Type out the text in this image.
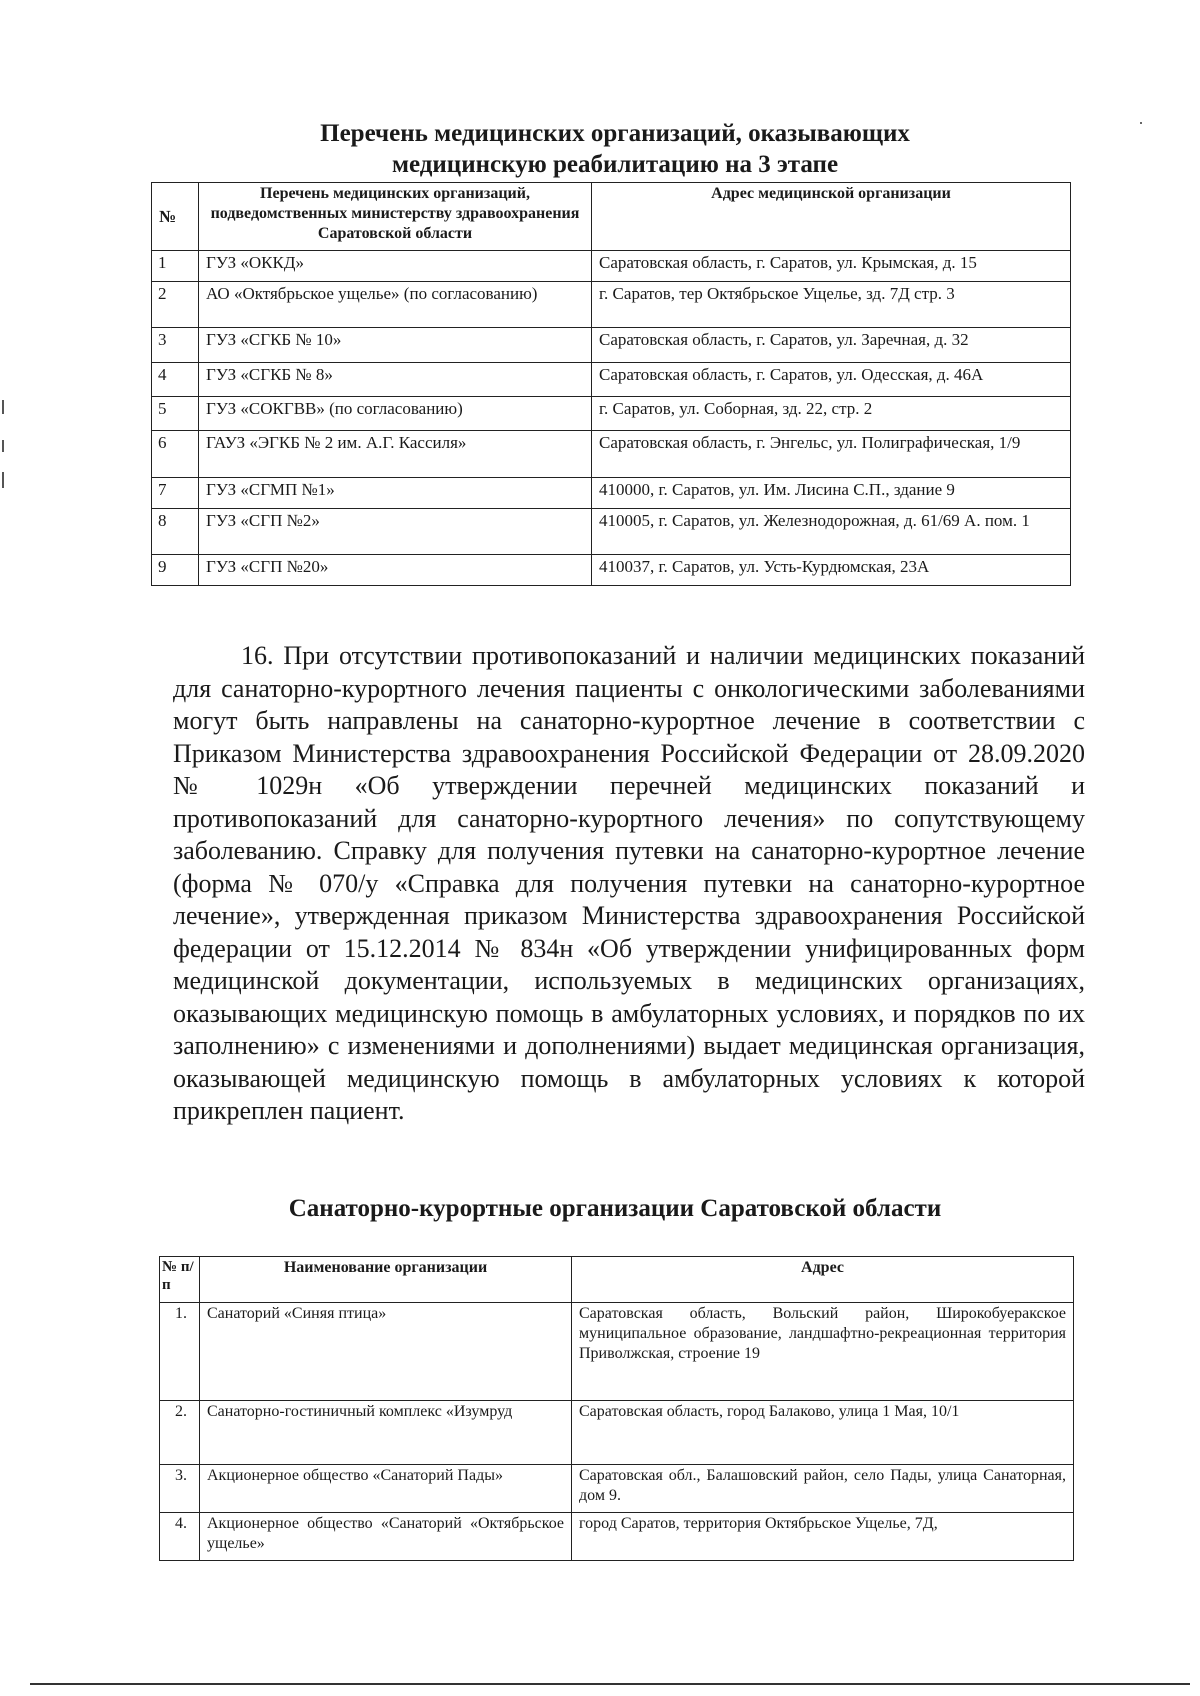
Перечень медицинских организаций, оказывающих
медицинскую реабилитацию на 3 этапе
№	Перечень медицинских организаций, подведомственных министерству здравоохранения Саратовской области	Адрес медицинской организации
1	ГУЗ «ОККД»	Саратовская область, г. Саратов, ул. Крымская, д. 15
2	АО «Октябрьское ущелье» (по согласованию)	г. Саратов, тер Октябрьское Ущелье, зд. 7Д стр. 3
3	ГУЗ «СГКБ № 10»	Саратовская область, г. Саратов, ул. Заречная, д. 32
4	ГУЗ «СГКБ № 8»	Саратовская область, г. Саратов, ул. Одесская, д. 46А
5	ГУЗ «СОКГВВ» (по согласованию)	г. Саратов, ул. Соборная, зд. 22, стр. 2
6	ГАУЗ «ЭГКБ № 2 им. А.Г. Кассиля»	Саратовская область, г. Энгельс, ул. Полиграфическая, 1/9
7	ГУЗ «СГМП №1»	410000, г. Саратов, ул. Им. Лисина С.П., здание 9
8	ГУЗ «СГП №2»	410005, г. Саратов, ул. Железнодорожная, д. 61/69 А. пом. 1
9	ГУЗ «СГП №20»	410037, г. Саратов, ул. Усть-Курдюмская, 23А
16. При отсутствии противопоказаний и наличии медицинских показаний для санаторно-курортного лечения пациенты с онкологическими заболеваниями могут быть направлены на санаторно-курортное лечение в соответствии с Приказом Министерства здравоохранения Российской Федерации от 28.09.2020 № 1029н «Об утверждении перечней медицинских показаний и противопоказаний для санаторно-курортного лечения» по сопутствующему заболеванию. Справку для получения путевки на санаторно-курортное лечение (форма № 070/у «Справка для получения путевки на санаторно-курортное лечение», утвержденная приказом Министерства здравоохранения Российской федерации от 15.12.2014 № 834н «Об утверждении унифицированных форм медицинской документации, используемых в медицинских организациях, оказывающих медицинскую помощь в амбулаторных условиях, и порядков по их заполнению» с изменениями и дополнениями) выдает медицинская организация, оказывающей медицинскую помощь в амбулаторных условиях к которой прикреплен пациент.
Санаторно-курортные организации Саратовской области
№ п/п	Наименование организации	Адрес
1.	Санаторий «Синяя птица»	Саратовская область, Вольский район, Широкобуеракское муниципальное образование, ландшафтно-рекреационная территория Приволжская, строение 19
2.	Санаторно-гостиничный комплекс «Изумруд	Саратовская область, город Балаково, улица 1 Мая, 10/1
3.	Акционерное общество «Санаторий Пады»	Саратовская обл., Балашовский район, село Пады, улица Санаторная, дом 9.
4.	Акционерное общество «Санаторий «Октябрьское ущелье»	город Саратов, территория Октябрьское Ущелье, 7Д,
